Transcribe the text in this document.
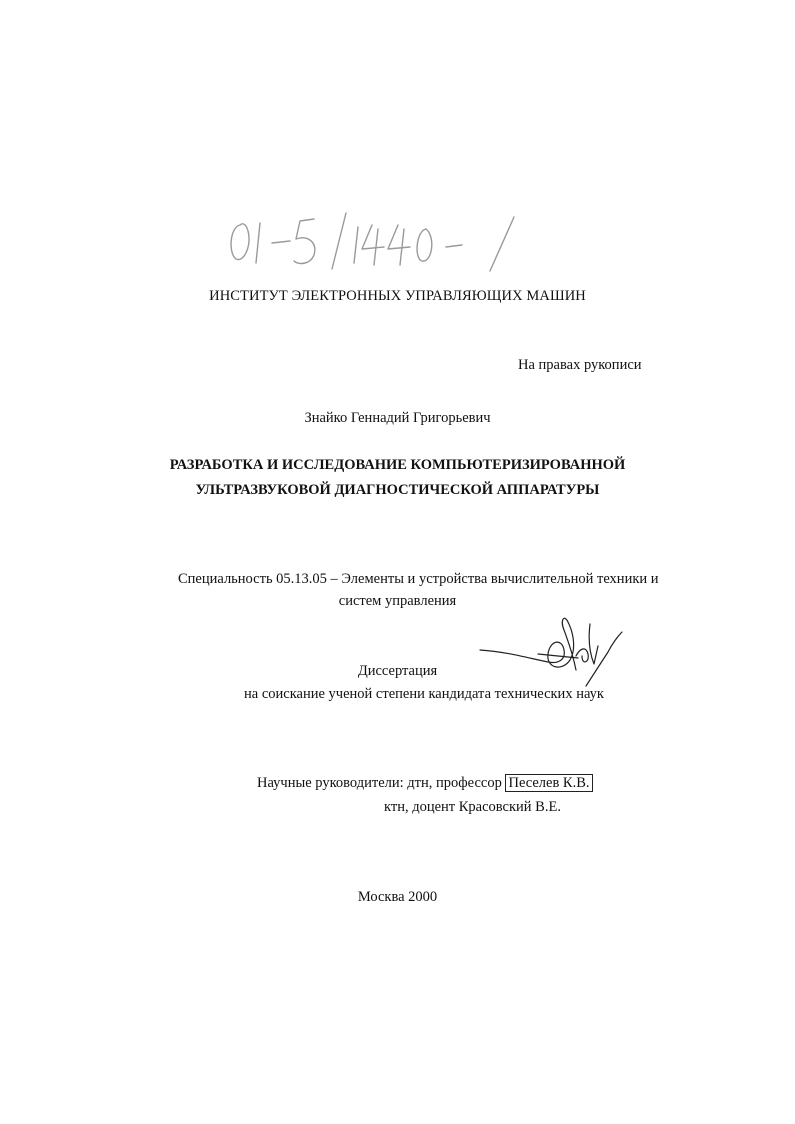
ИНСТИТУТ ЭЛЕКТРОННЫХ УПРАВЛЯЮЩИХ МАШИН
На правах рукописи
Знайко Геннадий Григорьевич
РАЗРАБОТКА И ИССЛЕДОВАНИЕ КОМПЬЮТЕРИЗИРОВАННОЙ
УЛЬТРАЗВУКОВОЙ ДИАГНОСТИЧЕСКОЙ АППАРАТУРЫ
Специальность 05.13.05 – Элементы и устройства вычислительной техники и
систем управления
Диссертация
на соискание ученой степени кандидата технических наук
Научные руководители: дтн, профессор Песелев К.В.
ктн, доцент Красовский В.Е.
Москва 2000
